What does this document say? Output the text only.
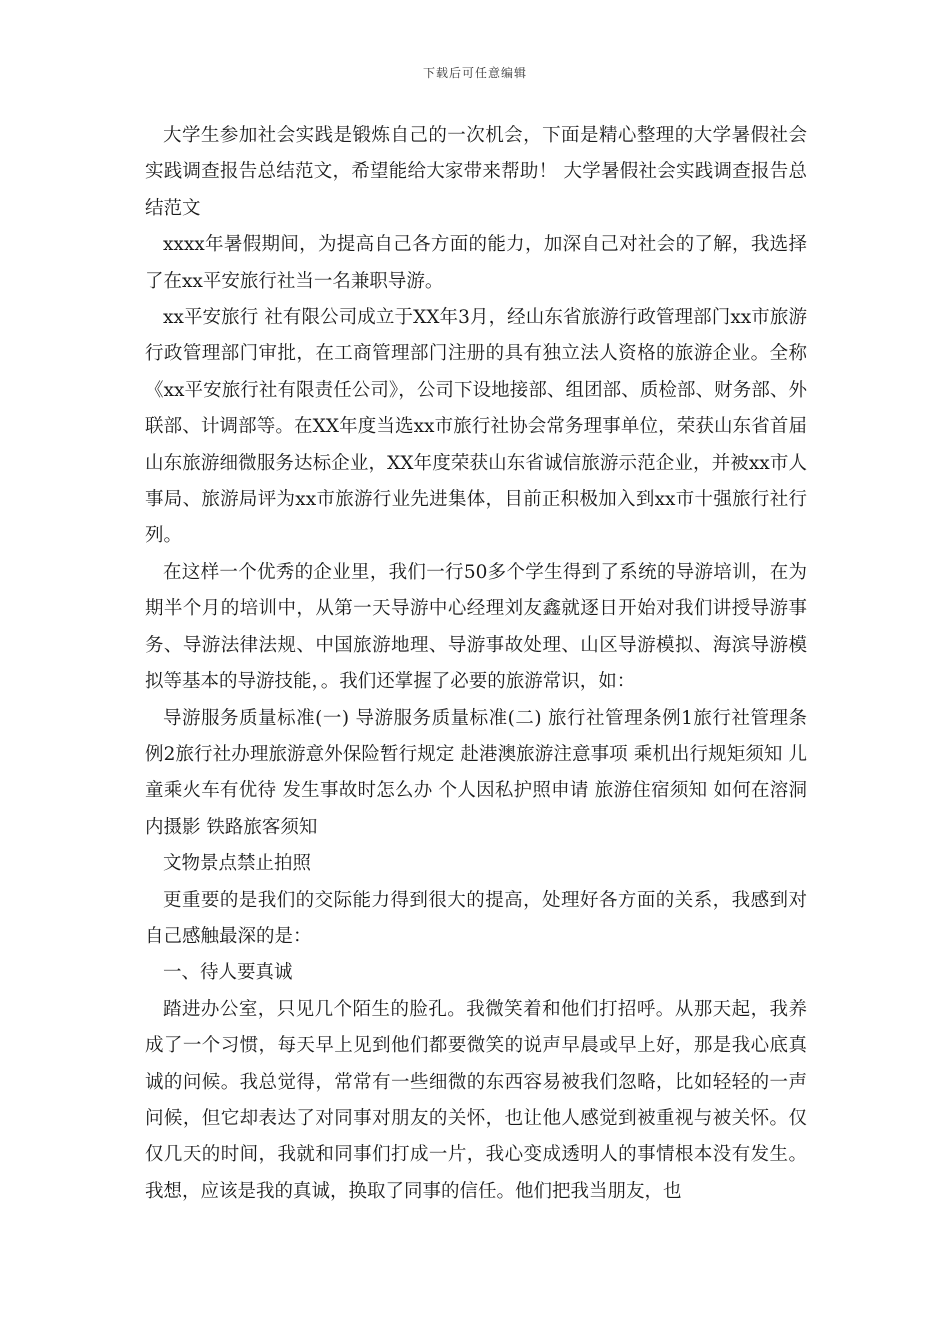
下载后可任意编辑

大学生参加社会实践是锻炼自己的一次机会，下面是精心整理的大学暑假社会实践调查报告总结范文，希望能给大家带来帮助！ 大学暑假社会实践调查报告总结范文

xxxx年暑假期间，为提高自己各方面的能力，加深自己对社会的了解，我选择了在xx平安旅行社当一名兼职导游。

xx平安旅行 社有限公司成立于XX年3月，经山东省旅游行政管理部门xx市旅游行政管理部门审批，在工商管理部门注册的具有独立法人资格的旅游企业。全称《xx平安旅行社有限责任公司》，公司下设地接部、组团部、质检部、财务部、外联部、计调部等。在XX年度当选xx市旅行社协会常务理事单位，荣获山东省首届山东旅游细微服务达标企业，XX年度荣获山东省诚信旅游示范企业，并被xx市人事局、旅游局评为xx市旅游行业先进集体，目前正积极加入到xx市十强旅行社行列。

在这样一个优秀的企业里，我们一行50多个学生得到了系统的导游培训，在为期半个月的培训中，从第一天导游中心经理刘友鑫就逐日开始对我们讲授导游事务、导游法律法规、中国旅游地理、导游事故处理、山区导游模拟、海滨导游模拟等基本的导游技能，。我们还掌握了必要的旅游常识，如：

导游服务质量标准(一) 导游服务质量标准(二) 旅行社管理条例1旅行社管理条例2旅行社办理旅游意外保险暂行规定 赴港澳旅游注意事项 乘机出行规矩须知 儿童乘火车有优待 发生事故时怎么办 个人因私护照申请 旅游住宿须知 如何在溶洞内摄影 铁路旅客须知

文物景点禁止拍照

更重要的是我们的交际能力得到很大的提高，处理好各方面的关系，我感到对自己感触最深的是：

一、待人要真诚

踏进办公室，只见几个陌生的脸孔。我微笑着和他们打招呼。从那天起，我养成了一个习惯，每天早上见到他们都要微笑的说声早晨或早上好，那是我心底真诚的问候。我总觉得，常常有一些细微的东西容易被我们忽略，比如轻轻的一声问候，但它却表达了对同事对朋友的关怀，也让他人感觉到被重视与被关怀。仅仅几天的时间，我就和同事们打成一片，我心变成透明人的事情根本没有发生。我想，应该是我的真诚，换取了同事的信任。他们把我当朋友，也
